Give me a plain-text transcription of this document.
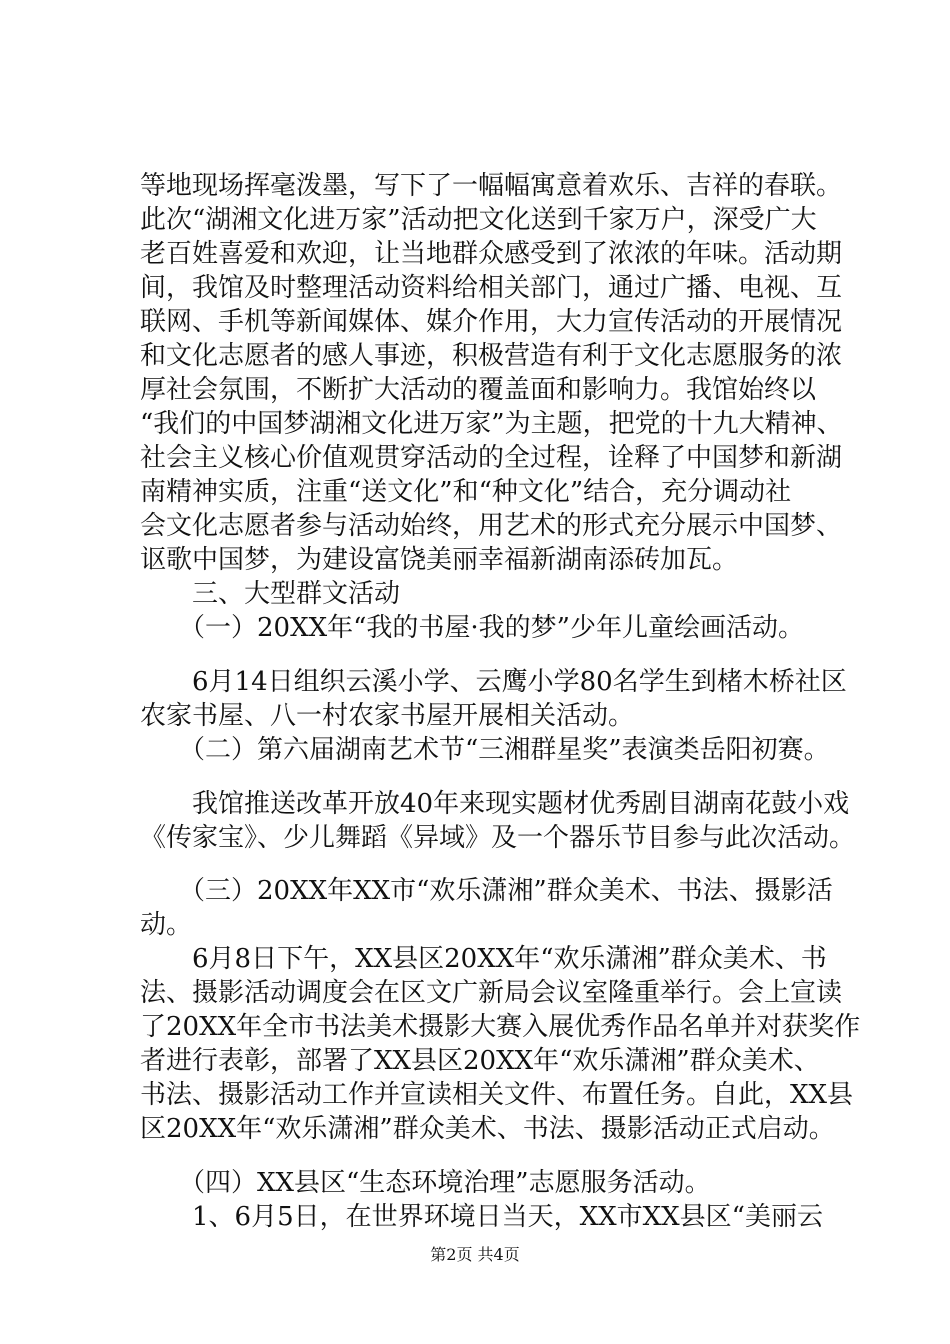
等地现场挥毫泼墨，写下了一幅幅寓意着欢乐、吉祥的春联。
此次“湖湘文化进万家”活动把文化送到千家万户，深受广大
老百姓喜爱和欢迎，让当地群众感受到了浓浓的年味。活动期
间，我馆及时整理活动资料给相关部门，通过广播、电视、互
联网、手机等新闻媒体、媒介作用，大力宣传活动的开展情况
和文化志愿者的感人事迹，积极营造有利于文化志愿服务的浓
厚社会氛围，不断扩大活动的覆盖面和影响力。我馆始终以
“我们的中国梦湖湘文化进万家”为主题，把党的十九大精神、
社会主义核心价值观贯穿活动的全过程，诠释了中国梦和新湖
南精神实质，注重“送文化”和“种文化”结合，充分调动社
会文化志愿者参与活动始终，用艺术的形式充分展示中国梦、
讴歌中国梦，为建设富饶美丽幸福新湖南添砖加瓦。
　　三、大型群文活动
　　（一）20XX年“我的书屋·我的梦”少年儿童绘画活动。
　　6月14日组织云溪小学、云鹰小学80名学生到楮木桥社区
农家书屋、八一村农家书屋开展相关活动。
　　（二）第六届湖南艺术节“三湘群星奖”表演类岳阳初赛。
　　我馆推送改革开放40年来现实题材优秀剧目湖南花鼓小戏
《传家宝》、少儿舞蹈《异域》及一个器乐节目参与此次活动。
　　（三）20XX年XX市“欢乐潇湘”群众美术、书法、摄影活
动。
　　6月8日下午，XX县区20XX年“欢乐潇湘”群众美术、书
法、摄影活动调度会在区文广新局会议室隆重举行。会上宣读
了20XX年全市书法美术摄影大赛入展优秀作品名单并对获奖作
者进行表彰，部署了XX县区20XX年“欢乐潇湘”群众美术、
书法、摄影活动工作并宣读相关文件、布置任务。自此，XX县
区20XX年“欢乐潇湘”群众美术、书法、摄影活动正式启动。
　　（四）XX县区“生态环境治理”志愿服务活动。
　　1、6月5日，在世界环境日当天，XX市XX县区“美丽云
第2页 共4页
